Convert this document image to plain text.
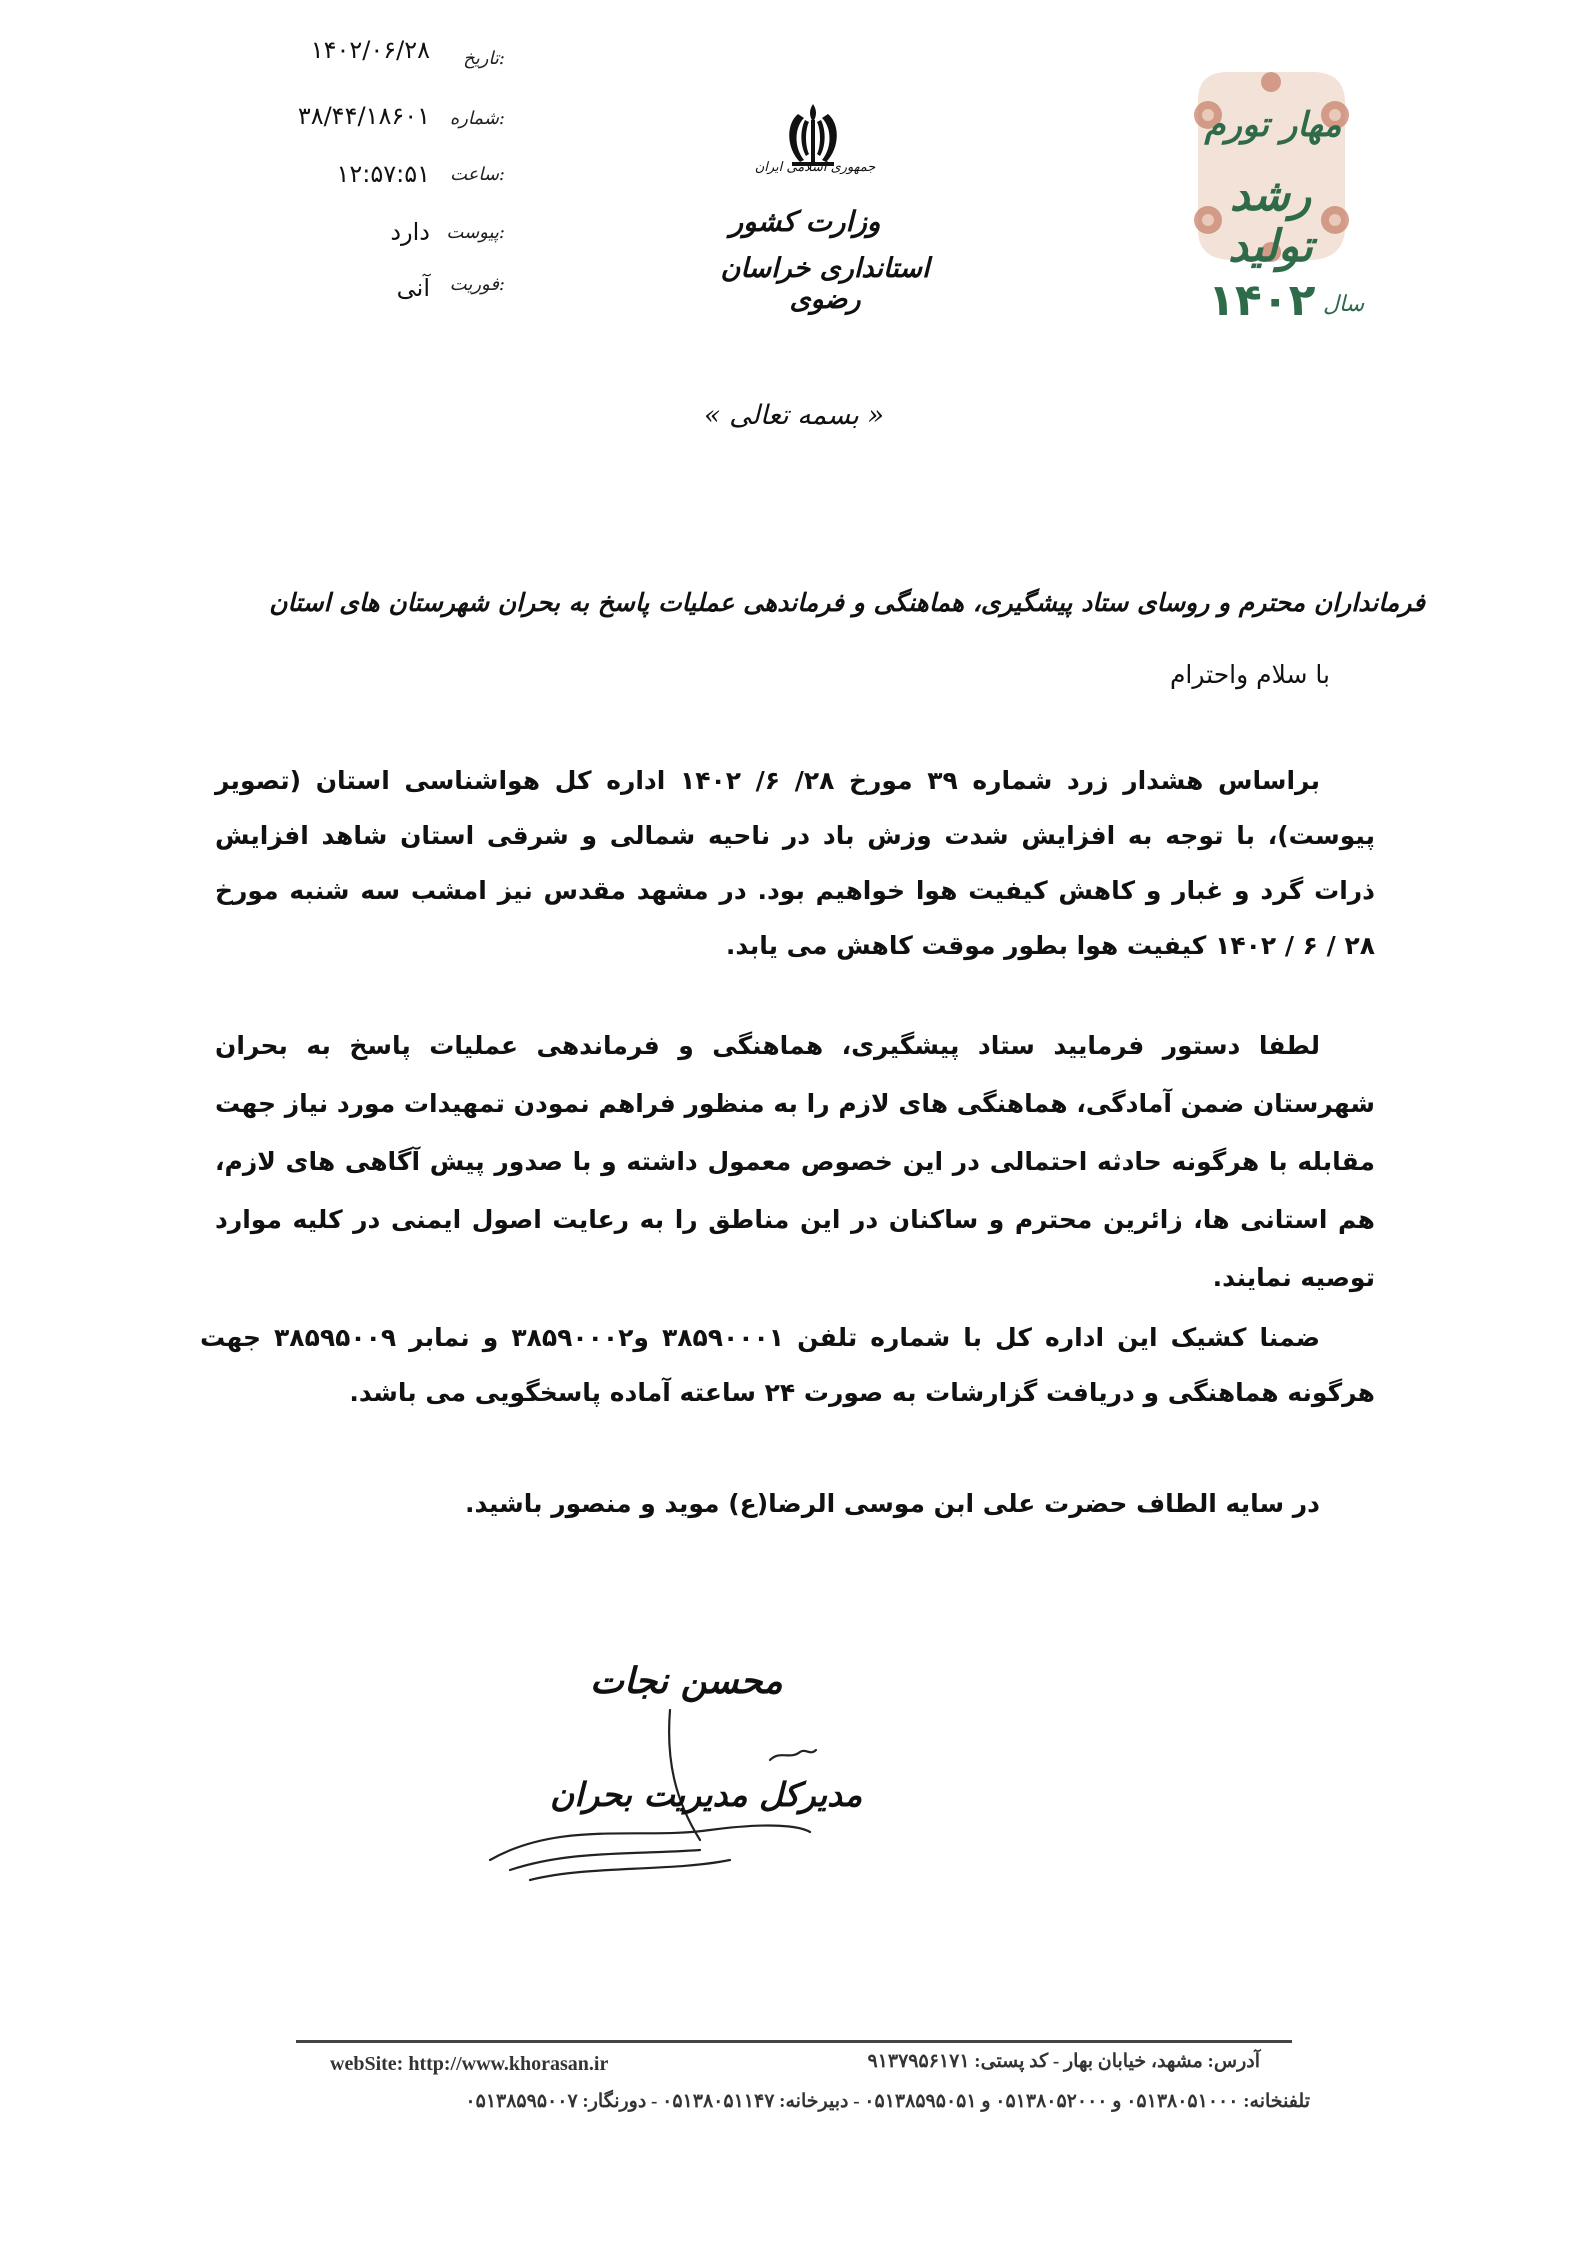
۱۴۰۲/۰۶/۲۸	تاریخ:
۳۸/۴۴/۱۸۶۰۱	شماره:
۱۲:۵۷:۵۱	ساعت:
دارد پیوست:
آنی	فوریت:
جمهوری اسلامی ایران
وزارت کشور
استانداری خراسان رضوی
مهار تورم
رشد تولید
سال
۱۴۰۲
« بسمه تعالی »
فرمانداران محترم و روسای ستاد پیشگیری، هماهنگی و فرماندهی عملیات پاسخ به بحران شهرستان های استان
با سلام واحترام
براساس هشدار زرد شماره ۳۹ مورخ ۲۸/ ۶/ ۱۴۰۲ اداره کل هواشناسی استان (تصویر پیوست)، با توجه به افزایش شدت وزش باد در ناحیه شمالی و شرقی استان شاهد افزایش ذرات گرد و غبار و کاهش کیفیت هوا خواهیم بود. در مشهد مقدس نیز امشب سه شنبه مورخ ۲۸ / ۶ / ۱۴۰۲ کیفیت هوا بطور موقت کاهش می یابد.
لطفا دستور فرمایید ستاد پیشگیری، هماهنگی و فرماندهی عملیات پاسخ به بحران شهرستان ضمن آمادگی، هماهنگی های لازم را به منظور فراهم نمودن تمهیدات مورد نیاز جهت مقابله با هرگونه حادثه احتمالی در این خصوص معمول داشته و با صدور پیش آگاهی های لازم، هم استانی ها، زائرین محترم و ساکنان در این مناطق را به رعایت اصول ایمنی در کلیه موارد توصیه نمایند.
ضمنا کشیک این اداره کل با شماره تلفن ۳۸۵۹۰۰۰۱ و۳۸۵۹۰۰۰۲ و نمابر ۳۸۵۹۵۰۰۹ جهت هرگونه هماهنگی و دریافت گزارشات به صورت ۲۴ ساعته آماده پاسخگویی می باشد.
در سایه الطاف حضرت علی ابن موسی الرضا(ع) موید و منصور باشید.
محسن نجات
مدیرکل مدیریت بحران
آدرس: مشهد، خیابان بهار - کد پستی: ۹۱۳۷۹۵۶۱۷۱
webSite: http://www.khorasan.ir
تلفنخانه: ۰۵۱۳۸۰۵۱۰۰۰ و ۰۵۱۳۸۰۵۲۰۰۰ و ۰۵۱۳۸۵۹۵۰۵۱ - دبیرخانه: ۰۵۱۳۸۰۵۱۱۴۷ - دورنگار: ۰۵۱۳۸۵۹۵۰۰۷
